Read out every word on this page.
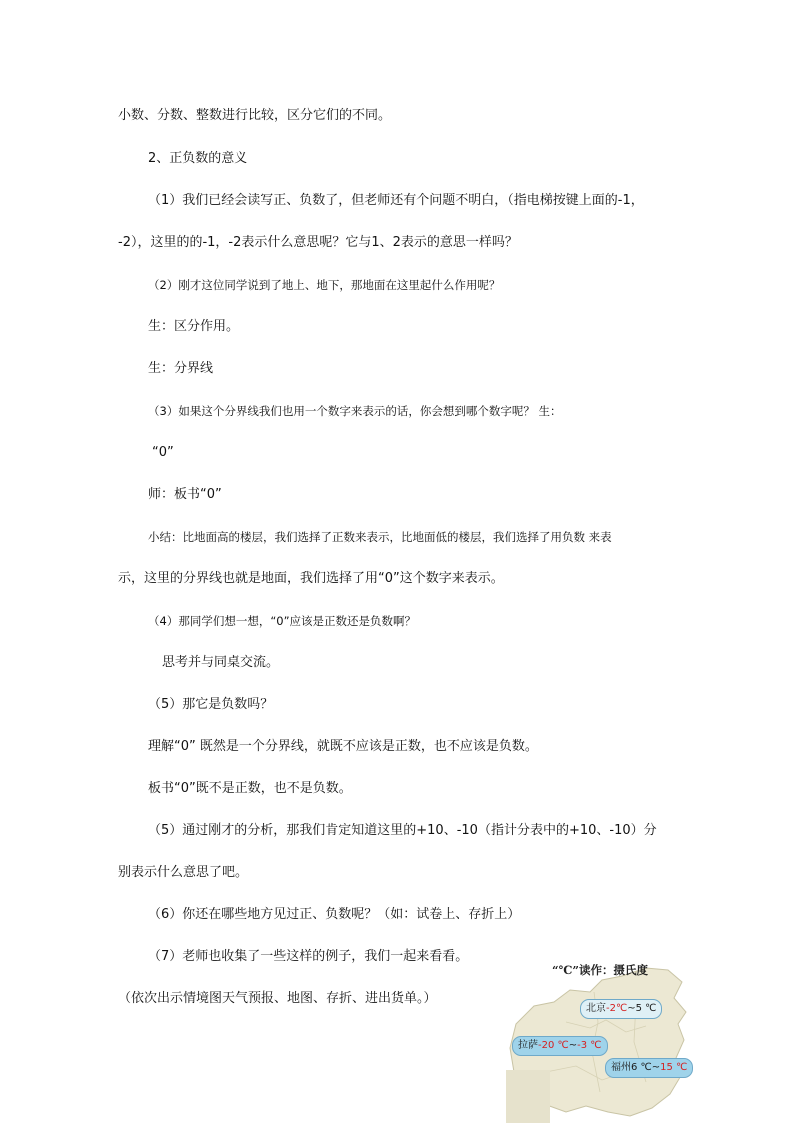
小数、分数、整数进行比较，区分它们的不同。
2、正负数的意义
（1）我们已经会读写正、负数了，但老师还有个问题不明白，（指电梯按键上面的-1，
-2），这里的的-1，-2表示什么意思呢？它与1、2表示的意思一样吗？
（2）刚才这位同学说到了地上、地下，那地面在这里起什么作用呢？
生：区分作用。
生：分界线
（3）如果这个分界线我们也用一个数字来表示的话，你会想到哪个数字呢？ 生：
“0”
师：板书“0”
小结：比地面高的楼层，我们选择了正数来表示，比地面低的楼层，我们选择了用负数 来表
示，这里的分界线也就是地面，我们选择了用“0”这个数字来表示。
（4）那同学们想一想，“0”应该是正数还是负数啊？
思考并与同桌交流。
（5）那它是负数吗？
理解“0” 既然是一个分界线，就既不应该是正数，也不应该是负数。
板书“0”既不是正数，也不是负数。
（5）通过刚才的分析，那我们肯定知道这里的+10、-10（指计分表中的+10、-10）分
别表示什么意思了吧。
（6）你还在哪些地方见过正、负数呢？（如：试卷上、存折上）
（7）老师也收集了一些这样的例子，我们一起来看看。
（依次出示情境图天气预报、地图、存折、进出货单。）
“℃”读作：摄氏度
北京-2℃~5 ℃
拉萨-20 ℃~-3 ℃
福州6 ℃~15 ℃
